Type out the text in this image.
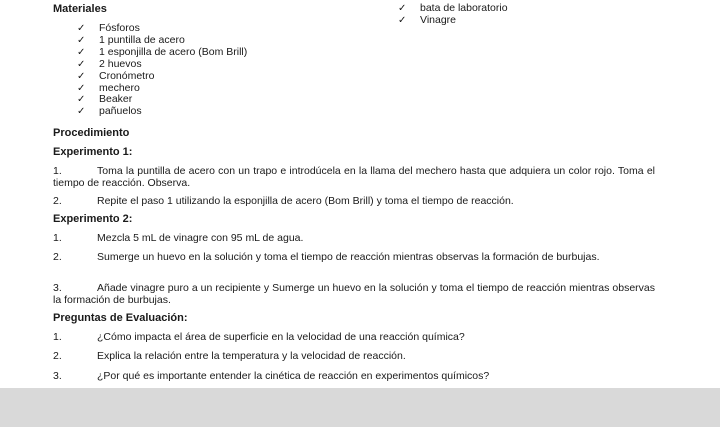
Materiales
✓ Fósforos
✓ 1 puntilla de acero
✓ 1 esponjilla de acero (Bom Brill)
✓ 2 huevos
✓ Cronómetro
✓ mechero
✓ Beaker
✓ pañuelos
✓ bata de laboratorio
✓ Vinagre
Procedimiento
Experimento 1:
1.	Toma la puntilla de acero con un trapo e introdúcela en la llama del mechero hasta que adquiera un color rojo. Toma el tiempo de reacción. Observa.
2.	Repite el paso 1 utilizando la esponjilla de acero (Bom Brill) y toma el tiempo de reacción.
Experimento 2:
1.	Mezcla 5 mL de vinagre con 95 mL de agua.
2.	Sumerge un huevo en la solución y toma el tiempo de reacción mientras observas la formación de burbujas.
3.	Añade vinagre puro a un recipiente y Sumerge un huevo en la solución y toma el tiempo de reacción mientras observas la formación de burbujas.
Preguntas de Evaluación:
1.	¿Cómo impacta el área de superficie en la velocidad de una reacción química?
2.	Explica la relación entre la temperatura y la velocidad de reacción.
3.	¿Por qué es importante entender la cinética de reacción en experimentos químicos?
